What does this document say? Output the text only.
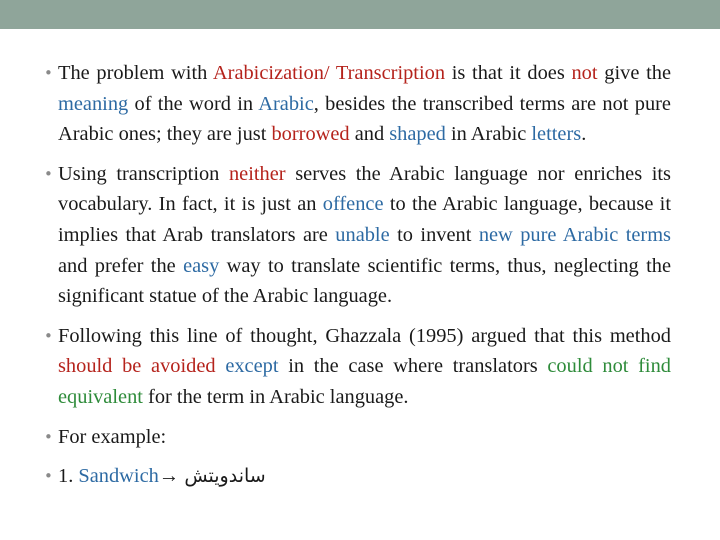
• The problem with Arabicization/ Transcription is that it does not give the meaning of the word in Arabic, besides the transcribed terms are not pure Arabic ones; they are just borrowed and shaped in Arabic letters.
• Using transcription neither serves the Arabic language nor enriches its vocabulary. In fact, it is just an offence to the Arabic language, because it implies that Arab translators are unable to invent new pure Arabic terms and prefer the easy way to translate scientific terms, thus, neglecting the significant statue of the Arabic language.
• Following this line of thought, Ghazzala (1995) argued that this method should be avoided except in the case where translators could not find equivalent for the term in Arabic language.
• For example:
• 1. Sandwich→ ساندويتش
